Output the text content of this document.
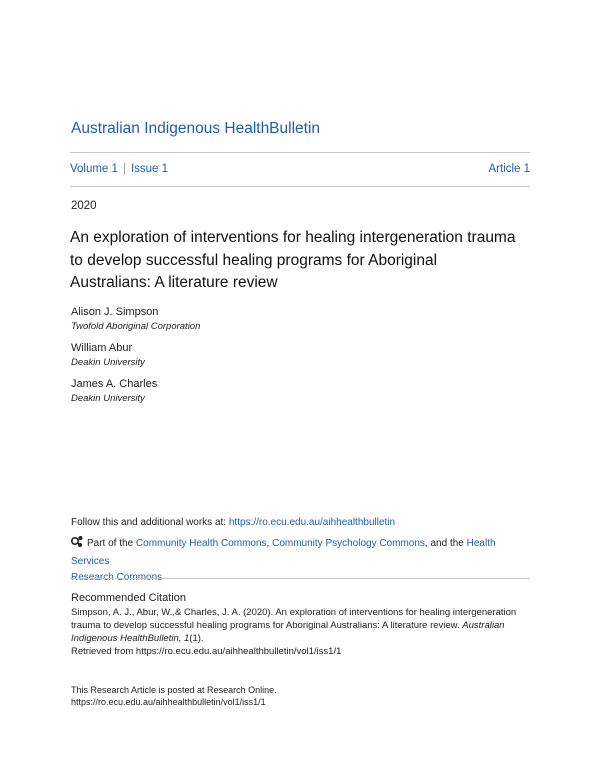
Australian Indigenous HealthBulletin
Volume 1 | Issue 1	Article 1
2020
An exploration of interventions for healing intergeneration trauma
to develop successful healing programs for Aboriginal
Australians: A literature review
Alison J. Simpson
Twofold Aboriginal Corporation
William Abur
Deakin University
James A. Charles
Deakin University
Follow this and additional works at: https://ro.ecu.edu.au/aihhealthbulletin
Part of the Community Health Commons, Community Psychology Commons, and the Health Services

Recommended Citation
Simpson, A. J., Abur, W.,& Charles, J. A. (2020). An exploration of interventions for healing intergeneration
trauma to develop successful healing programs for Aboriginal Australians: A literature review. Australian
Indigenous HealthBulletin, 1(1).
Retrieved from https://ro.ecu.edu.au/aihhealthbulletin/vol1/iss1/1
This Research Article is posted at Research Online.
https://ro.ecu.edu.au/aihhealthbulletin/vol1/iss1/1
